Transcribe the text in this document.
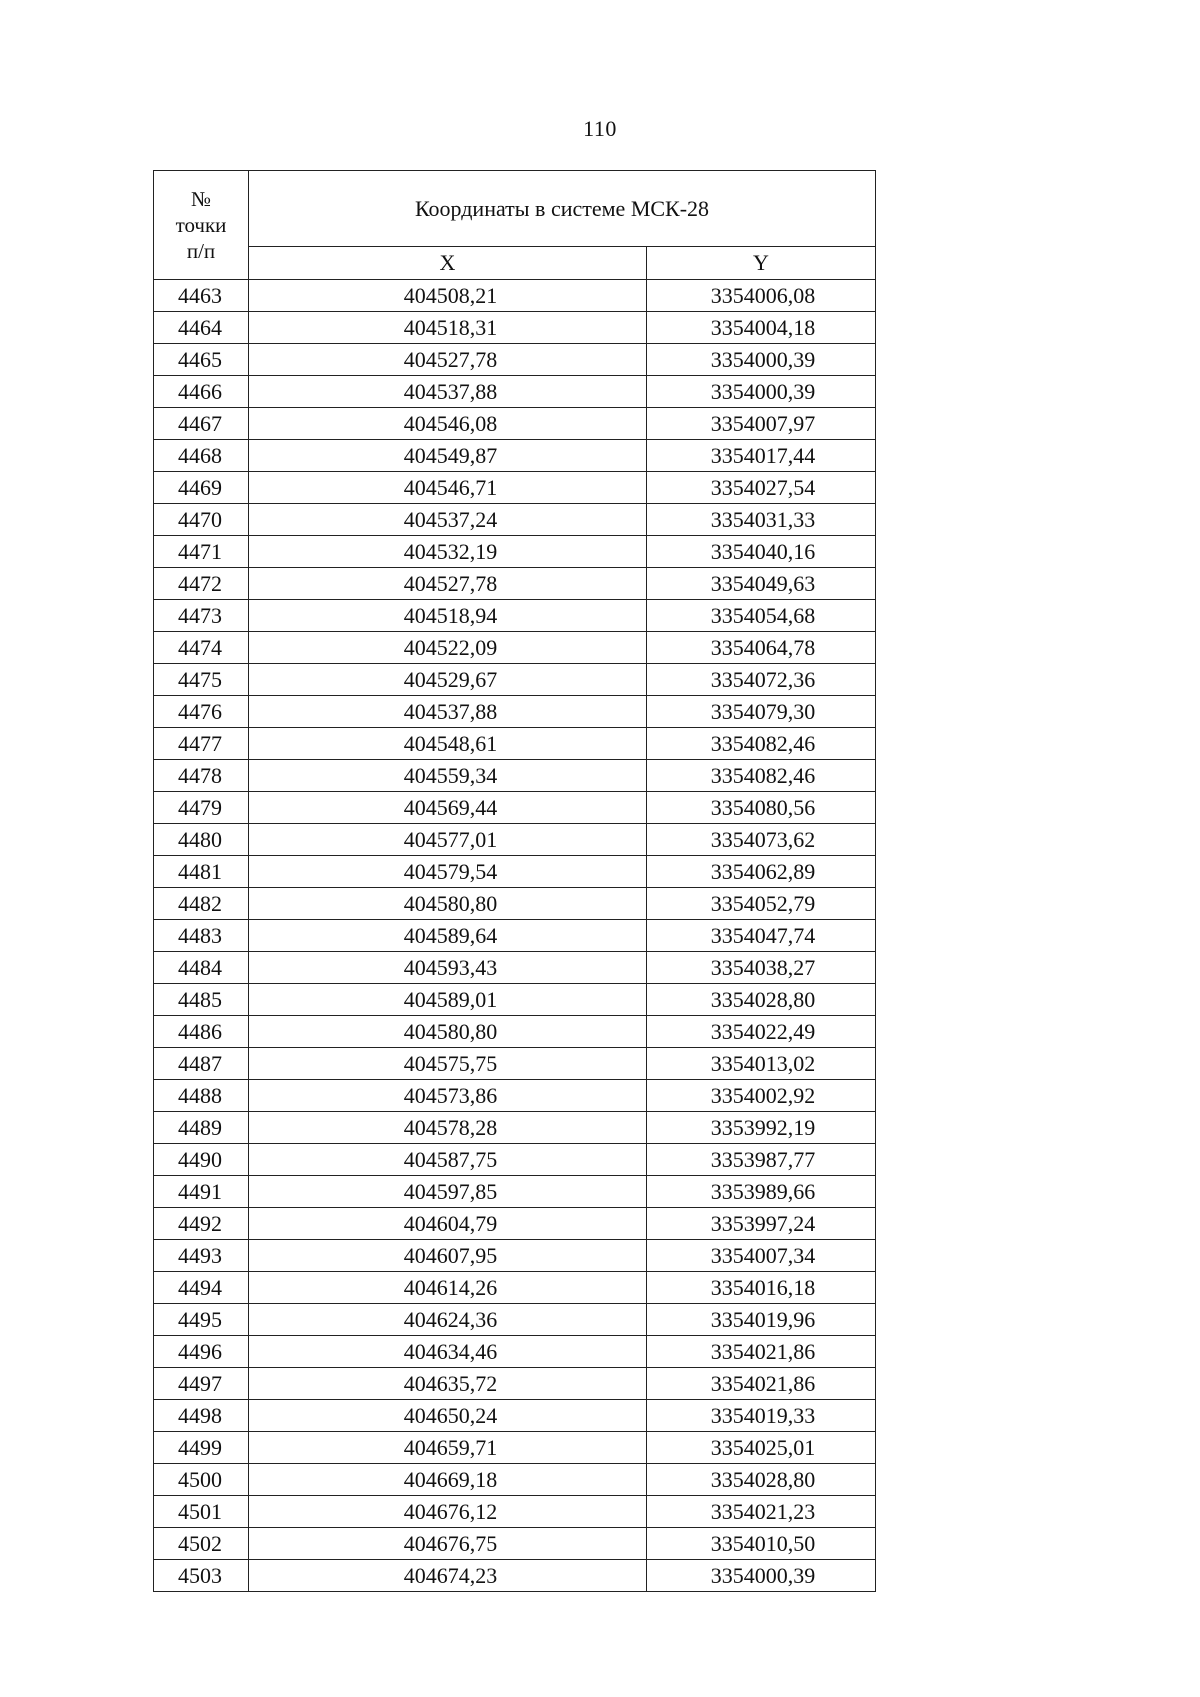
110
№ точки п/п	Координаты в системе МСК-28	
	X	Y
4463	404508,21	3354006,08
4464	404518,31	3354004,18
4465	404527,78	3354000,39
4466	404537,88	3354000,39
4467	404546,08	3354007,97
4468	404549,87	3354017,44
4469	404546,71	3354027,54
4470	404537,24	3354031,33
4471	404532,19	3354040,16
4472	404527,78	3354049,63
4473	404518,94	3354054,68
4474	404522,09	3354064,78
4475	404529,67	3354072,36
4476	404537,88	3354079,30
4477	404548,61	3354082,46
4478	404559,34	3354082,46
4479	404569,44	3354080,56
4480	404577,01	3354073,62
4481	404579,54	3354062,89
4482	404580,80	3354052,79
4483	404589,64	3354047,74
4484	404593,43	3354038,27
4485	404589,01	3354028,80
4486	404580,80	3354022,49
4487	404575,75	3354013,02
4488	404573,86	3354002,92
4489	404578,28	3353992,19
4490	404587,75	3353987,77
4491	404597,85	3353989,66
4492	404604,79	3353997,24
4493	404607,95	3354007,34
4494	404614,26	3354016,18
4495	404624,36	3354019,96
4496	404634,46	3354021,86
4497	404635,72	3354021,86
4498	404650,24	3354019,33
4499	404659,71	3354025,01
4500	404669,18	3354028,80
4501	404676,12	3354021,23
4502	404676,75	3354010,50
4503	404674,23	3354000,39
